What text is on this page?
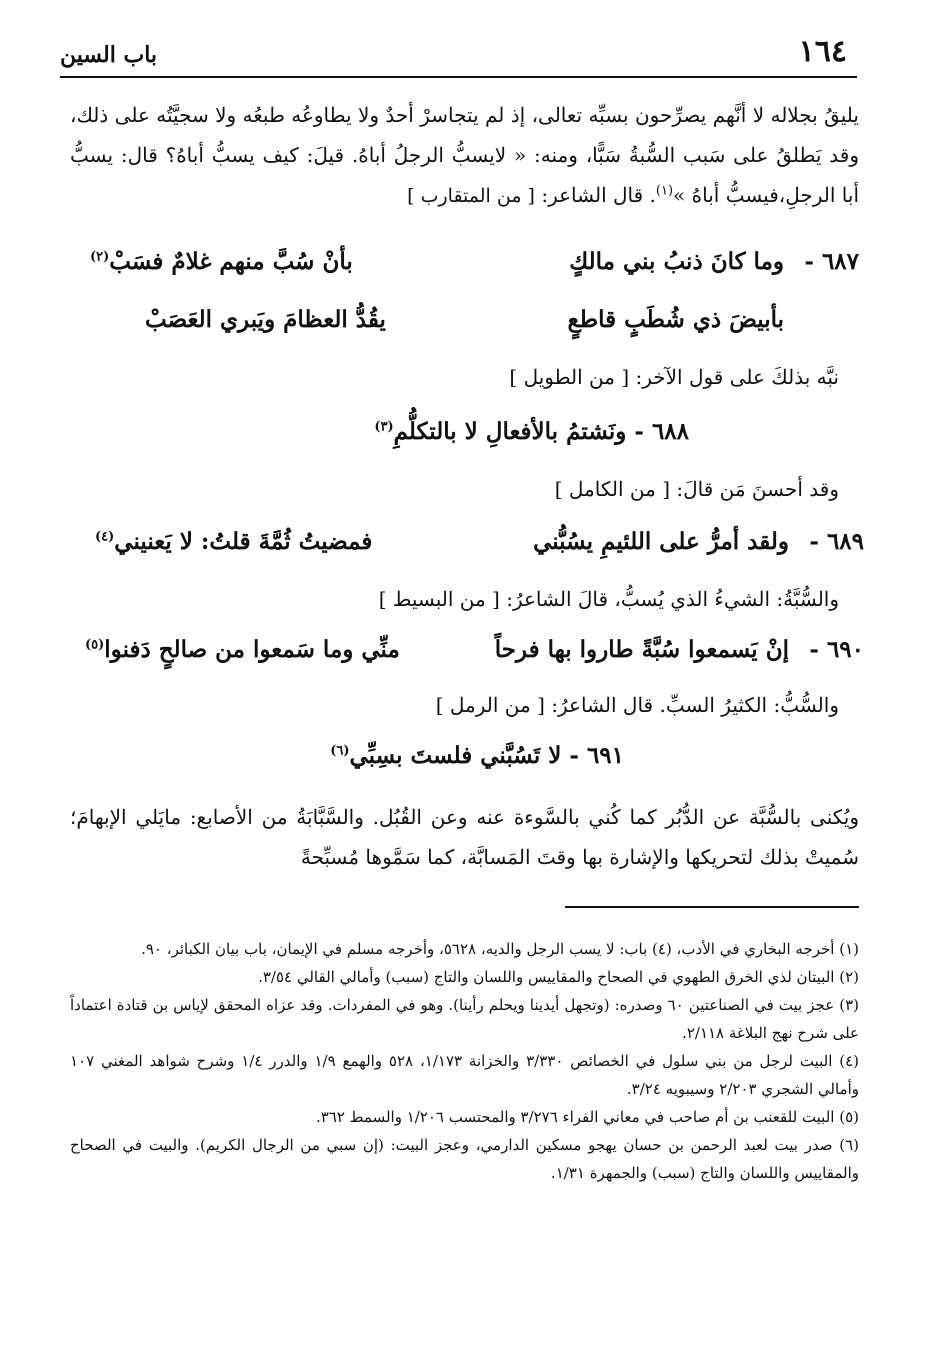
١٦٤
باب السين
يليقُ بجلاله لا أنَّهم يصرِّحون بسبِّه تعالى، إذ لم يتجاسرْ أحدٌ ولا يطاوعُه طبعُه ولا سجيَّتُه على ذلك، وقد يَطلقُ على سَبب السُّبةُ سَبًّا، ومنه: « لايسبُّ الرجلُ أباهُ. قيلَ: كيف يسبُّ أباهُ؟ قال: يسبُّ أبا الرجلِ،فيسبُّ أباهُ »$^{(١)}$. قال الشاعر: [ من المتقارب ]
٦٨٧ -
وما كانَ ذنبُ بني مالكٍ
بأنْ سُبَّ منهم غلامٌ فسَبْ$^{(٢)}$
بأبيضَ ذي شُطَبٍ قاطعٍ
يقُدُّ العظامَ ويَبري العَصَبْ
نبَّه بذلكَ على قول الآخر: [ من الطويل ]
٦٨٨ - ونَشتمُ بالأفعالِ لا بالتكلُّمِ$^{(٣)}$
وقد أحسنَ مَن قالَ: [ من الكامل ]
٦٨٩ -
ولقد أمرُّ على اللئيمِ يسُبُّني
فمضيتُ ثُمَّةَ قلتُ: لا يَعنيني$^{(٤)}$
والسُّبَّةُ: الشيءُ الذي يُسبُّ، قالَ الشاعرُ: [ من البسيط ]
٦٩٠ -
إنْ يَسمعوا سُبَّةً طاروا بها فرحاً
منِّي وما سَمعوا من صالحٍ دَفنوا$^{(٥)}$
والسُّبُّ: الكثيرُ السبِّ. قال الشاعرُ: [ من الرمل ]
٦٩١ - لا تَسُبَّني فلستَ بسِبِّي$^{(٦)}$
ويُكنى بالسُّبَّة عن الدُّبُر كما كُني بالسَّوءة عنه وعن القُبُل. والسَّبَّابَةُ من الأصابع: مايَلي الإبهامَ؛ سُميتْ بذلك لتحريكها والإشارة بها وقتَ المَسابَّة، كما سَمَّوها مُسبِّحةً
(١) أخرجه البخاري في الأدب، (٤) باب: لا يسب الرجل والديه، ٥٦٢٨، وأخرجه مسلم في الإيمان، باب بيان الكبائر، ٩٠.
(٢) البيتان لذي الخرق الطهوي في الصحاح والمقاييس واللسان والتاج (سبب) وأمالي القالي ٣/٥٤.
(٣) عجز بيت في الصناعتين ٦٠ وصدره: (وتجهل أيدينا ويحلم رأينا). وهو في المفردات. وقد عزاه المحقق لإياس بن قتادة اعتماداً على شرح نهج البلاغة ٢/١١٨.
(٤) البيت لرجل من بني سلول في الخصائص ٣/٣٣٠ والخزانة ١/١٧٣، ٥٢٨ والهمع ١/٩ والدرر ١/٤ وشرح شواهد المغني ١٠٧ وأمالي الشجري ٢/٢٠٣ وسيبويه ٣/٢٤.
(٥) البيت للقعنب بن أم صاحب في معاني الفراء ٣/٢٧٦ والمحتسب ١/٢٠٦ والسمط ٣٦٢.
(٦) صدر بيت لعبد الرحمن بن حسان يهجو مسكين الدارمي، وعجز البيت: (إن سبي من الرجال الكريم). والبيت في الصحاح والمقاييس واللسان والتاج (سبب) والجمهرة ١/٣١.
